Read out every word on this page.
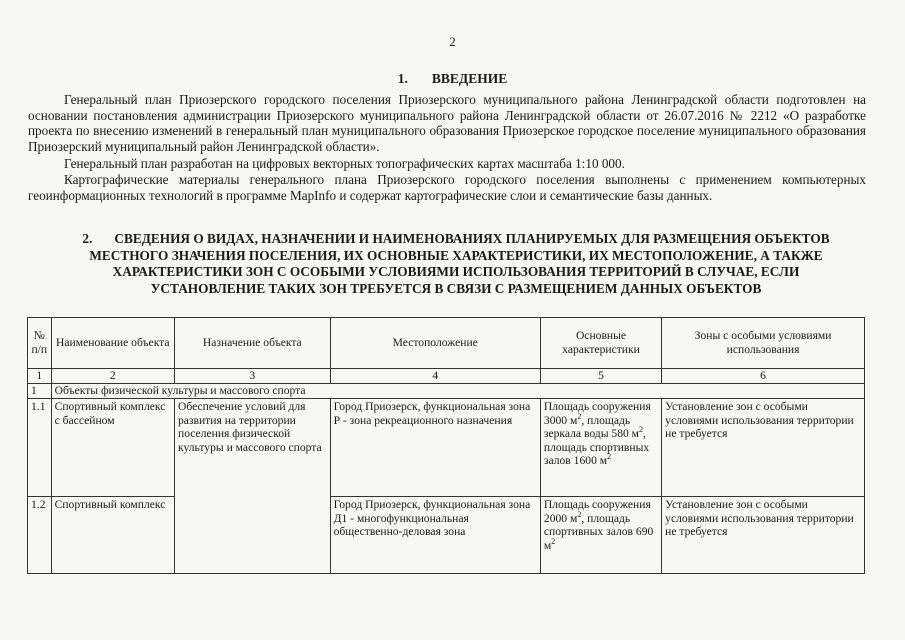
2
1. ВВЕДЕНИЕ

Генеральный план Приозерского городского поселения Приозерского муниципального района Ленинградской области подготовлен на основании постановления администрации Приозерского муниципального района Ленинградской области от 26.07.2016 № 2212 «О разработке проекта по внесению изменений в генеральный план муниципального образования Приозерское городское поселение муниципального образования Приозерский муниципальный район Ленинградской области».

Генеральный план разработан на цифровых векторных топографических картах масштаба 1:10 000.

Картографические материалы генерального плана Приозерского городского поселения выполнены с применением компьютерных геоинформационных технологий в программе MapInfo и содержат картографические слои и семантические базы данных.

2. СВЕДЕНИЯ О ВИДАХ, НАЗНАЧЕНИИ И НАИМЕНОВАНИЯХ ПЛАНИРУЕМЫХ ДЛЯ РАЗМЕЩЕНИЯ ОБЪЕКТОВ МЕСТНОГО ЗНАЧЕНИЯ ПОСЕЛЕНИЯ, ИХ ОСНОВНЫЕ ХАРАКТЕРИСТИКИ, ИХ МЕСТОПОЛОЖЕНИЕ, А ТАКЖЕ ХАРАКТЕРИСТИКИ ЗОН С ОСОБЫМИ УСЛОВИЯМИ ИСПОЛЬЗОВАНИЯ ТЕРРИТОРИЙ В СЛУЧАЕ, ЕСЛИ УСТАНОВЛЕНИЕ ТАКИХ ЗОН ТРЕБУЕТСЯ В СВЯЗИ С РАЗМЕЩЕНИЕМ ДАННЫХ ОБЪЕКТОВ
№ п/п	Наименование объекта	Назначение объекта	Местоположение	Основные характеристики	Зоны с особыми условиями использования
1	2	3	4	5	6
1	Объекты физической культуры и массового спорта				
1.1	Спортивный комплекс с бассейном	Обеспечение условий для развития на территории поселения физической культуры и массового спорта	Город Приозерск, функциональная зона Р - зона рекреационного назначения	Площадь сооружения 3000 $м^2$, площадь зеркала воды 580 $м^2$, площадь спортивных залов 1600 $м^2$	Установление зон с особыми условиями использования территории не требуется
1.2	Спортивный комплекс		Город Приозерск, функциональная зона Д1 - многофункциональная общественно-деловая зона	Площадь сооружения 2000 $м^2$, площадь спортивных залов 690 $м^2$	Установление зон с особыми условиями использования территории не требуется
